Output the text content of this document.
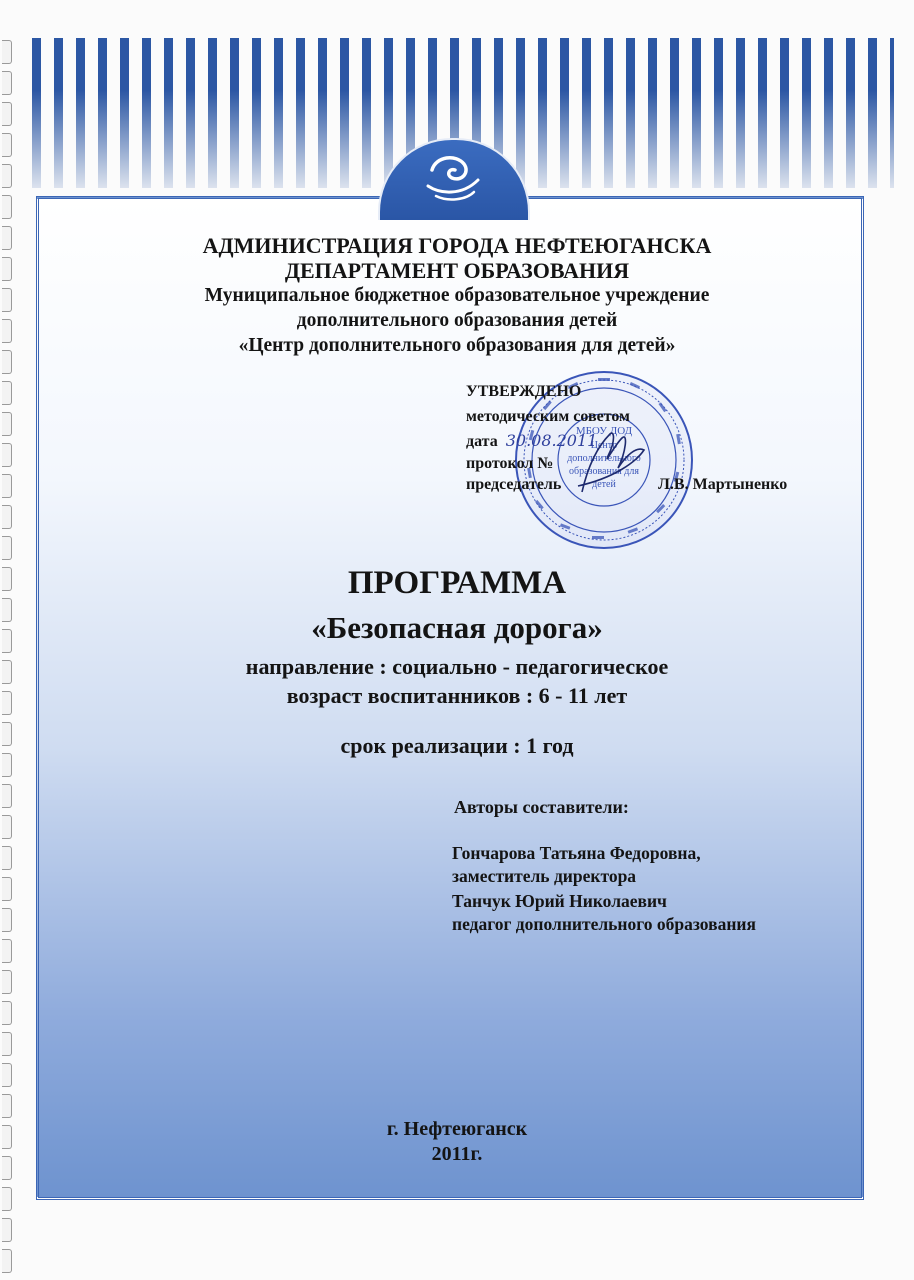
АДМИНИСТРАЦИЯ ГОРОДА НЕФТЕЮГАНСКА
ДЕПАРТАМЕНТ ОБРАЗОВАНИЯ
Муниципальное бюджетное образовательное учреждение
дополнительного образования детей
«Центр дополнительного образования для детей»
МБОУ ДОД
Центр
дополнительного
образования для
детей
УТВЕРЖДЕНО
методическим советом
дата 30.08.2011
протокол №
председатель	Л.В. Мартыненко
ПРОГРАММА
«Безопасная дорога»
направление : социально - педагогическое
возраст воспитанников : 6 - 11 лет
срок реализации : 1 год
Авторы составители:
Гончарова Татьяна Федоровна,
заместитель директора
Танчук Юрий Николаевич
педагог дополнительного образования
г. Нефтеюганск
2011г.
